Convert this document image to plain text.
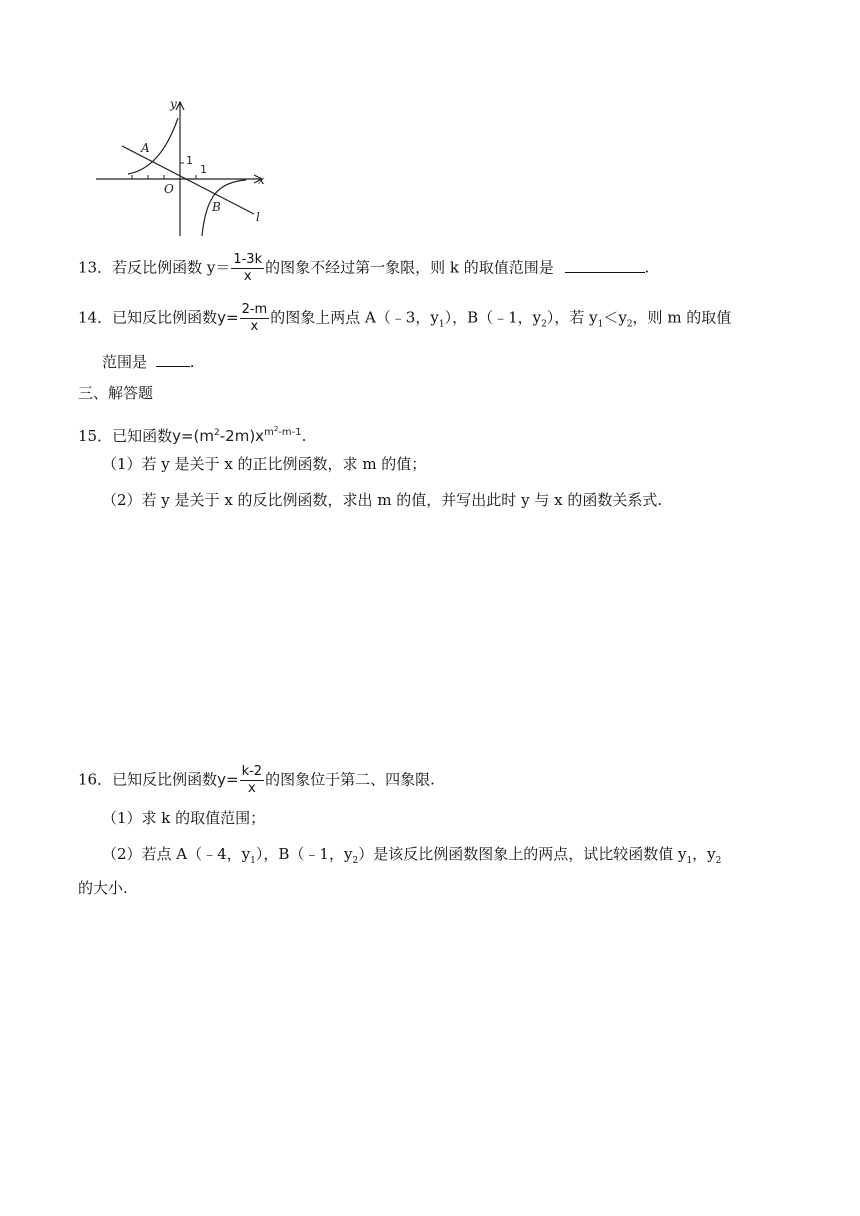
y
x
O
A
B
l
1
1
13．若反比例函数 $y= \frac{1-3k}{x}$ 的图象不经过第一象限，则 k 的取值范围是	.
14．已知反比例函数$y= \frac{2-m}{x}$ 的图象上两点 A（﹣3，$y_1$），B（﹣1，$y_2$），若 $y_1<y_2$，则 m 的取值
范围是	.
三、解答题
15．已知函数$y=(m^2-2m)x^{m^2-m-1}$.
（1）若 y 是关于 x 的正比例函数，求 m 的值；
（2）若 y 是关于 x 的反比例函数，求出 m 的值，并写出此时 y 与 x 的函数关系式.
16．已知反比例函数$y= \frac{k-2}{x}$ 的图象位于第二、四象限.
（1）求 k 的取值范围；
（2）若点 A（﹣4，$y_1$），B（﹣1，$y_2$）是该反比例函数图象上的两点，试比较函数值 $y_1$，$y_2$
的大小.
